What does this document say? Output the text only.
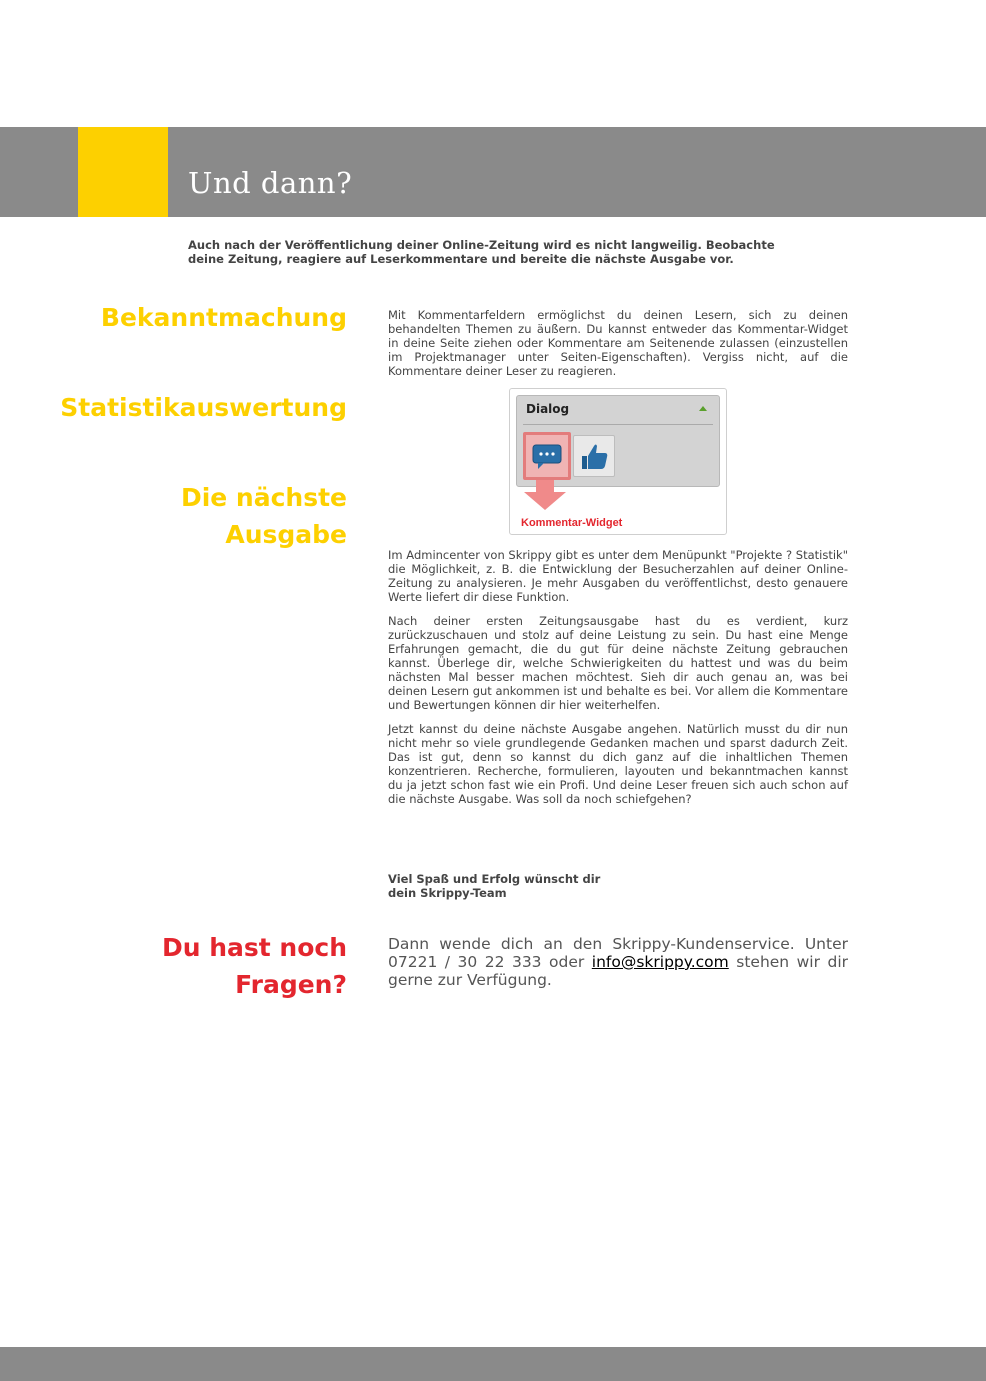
Und dann?
Auch nach der Veröffentlichung deiner Online-Zeitung wird es nicht langweilig. Beobachte deine Zeitung, reagiere auf Leserkommentare und bereite die nächste Ausgabe vor.
Bekanntmachung
Statistikauswertung
Die nächste
Ausgabe
Du hast noch
Fragen?

Mit Kommentarfeldern ermöglichst du deinen Lesern, sich zu deinen behandelten Themen zu äußern. Du kannst entweder das Kommentar-Widget in deine Seite ziehen oder Kommentare am Seitenende zulassen (einzustellen im Projektmanager unter Seiten-Eigenschaften). Vergiss nicht, auf die Kommentare deiner Leser zu reagieren.

Dialog
Kommentar-Widget

Im Admincenter von Skrippy gibt es unter dem Menüpunkt "Projekte ? Statistik" die Möglichkeit, z. B. die Entwicklung der Besucherzahlen auf deiner Online-Zeitung zu analysieren. Je mehr Ausgaben du veröffentlichst, desto genauere Werte liefert dir diese Funktion.

Nach deiner ersten Zeitungsausgabe hast du es verdient, kurz zurückzuschauen und stolz auf deine Leistung zu sein. Du hast eine Menge Erfahrungen gemacht, die du gut für deine nächste Zeitung gebrauchen kannst. Überlege dir, welche Schwierigkeiten du hattest und was du beim nächsten Mal besser machen möchtest. Sieh dir auch genau an, was bei deinen Lesern gut ankommen ist und behalte es bei. Vor allem die Kommentare und Bewertungen können dir hier weiterhelfen.

Jetzt kannst du deine nächste Ausgabe angehen. Natürlich musst du dir nun nicht mehr so viele grundlegende Gedanken machen und sparst dadurch Zeit. Das ist gut, denn so kannst du dich ganz auf die inhaltlichen Themen konzentrieren. Recherche, formulieren, layouten und bekanntmachen kannst du ja jetzt schon fast wie ein Profi. Und deine Leser freuen sich auch schon auf die nächste Ausgabe. Was soll da noch schiefgehen?

Viel Spaß und Erfolg wünscht dir
dein Skrippy-Team
Dann wende dich an den Skrippy-Kundenservice. Unter 07221 / 30 22 333 oder info@skrippy.com stehen wir dir gerne zur Verfügung.
